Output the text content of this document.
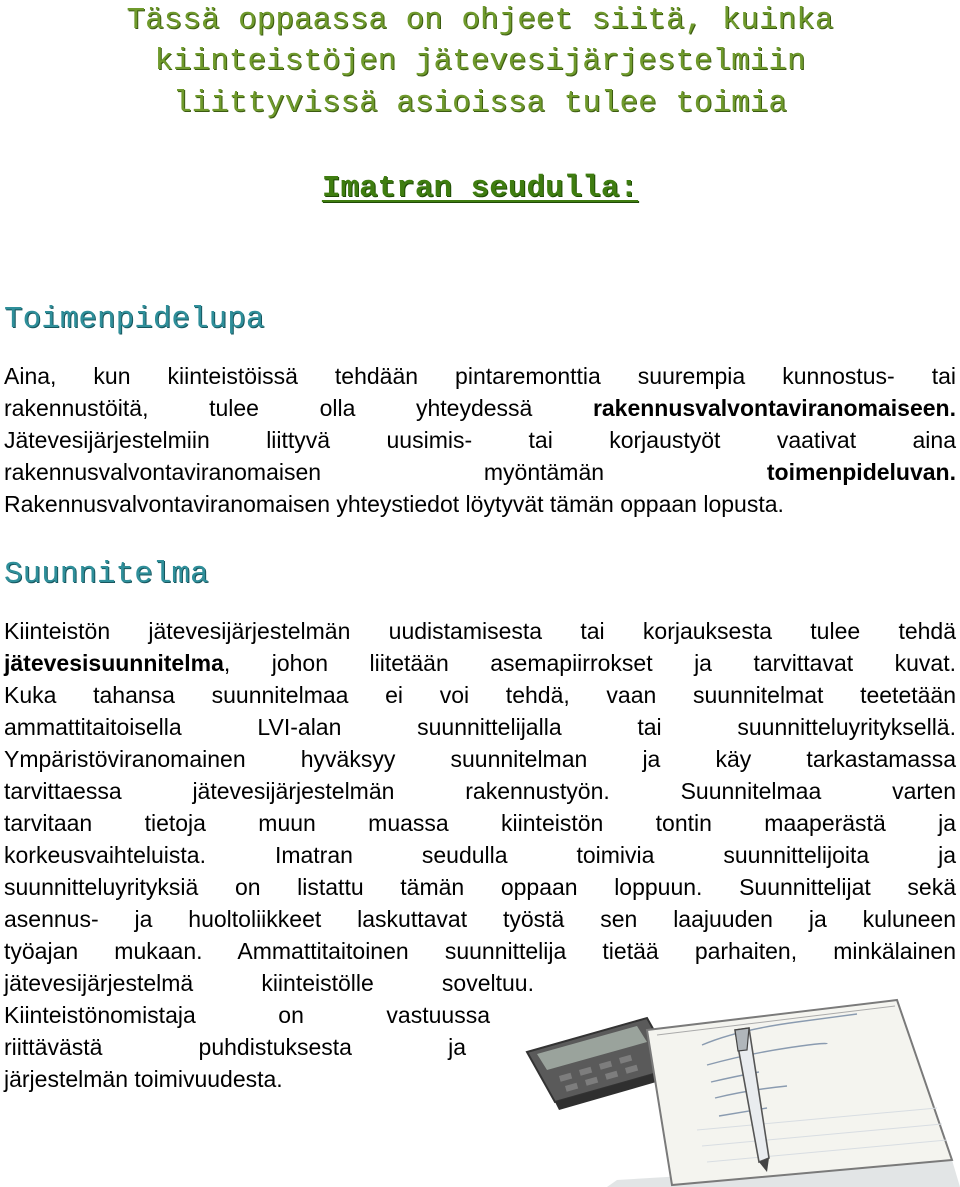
Tässä oppaassa on ohjeet siitä, kuinka
kiinteistöjen jätevesijärjestelmiin
liittyvissä asioissa tulee toimia
Imatran seudulla:
Toimenpidelupa
Aina, kun kiinteistöissä tehdään pintaremonttia suurempia kunnostus- tai
rakennustöitä, tulee olla yhteydessä	rakennusvalvontaviranomaiseen.
Jätevesijärjestelmiin liittyvä uusimis- tai korjaustyöt vaativat aina
rakennusvalvontaviranomaisen myöntämän	toimenpideluvan.
Rakennusvalvontaviranomaisen yhteystiedot löytyvät tämän oppaan lopusta.
Suunnitelma
Kiinteistön jätevesijärjestelmän uudistamisesta tai korjauksesta tulee tehdä
jätevesisuunnitelma, johon liitetään asemapiirrokset ja tarvittavat kuvat.
Kuka tahansa suunnitelmaa ei voi tehdä, vaan suunnitelmat teetetään
ammattitaitoisella LVI-alan suunnittelijalla tai suunnitteluyrityksellä.
Ympäristöviranomainen hyväksyy suunnitelman ja käy tarkastamassa
tarvittaessa jätevesijärjestelmän rakennustyön. Suunnitelmaa varten
tarvitaan tietoja muun muassa kiinteistön tontin maaperästä ja
korkeusvaihteluista. Imatran seudulla toimivia suunnittelijoita ja
suunnitteluyrityksiä on listattu tämän oppaan loppuun. Suunnittelijat sekä
asennus- ja huoltoliikkeet laskuttavat työstä sen laajuuden ja kuluneen
työajan mukaan. Ammattitaitoinen suunnittelija tietää parhaiten, minkälainen
jätevesijärjestelmä kiinteistölle soveltuu.
Kiinteistönomistaja on vastuussa
riittävästä puhdistuksesta ja
järjestelmän toimivuudesta.
